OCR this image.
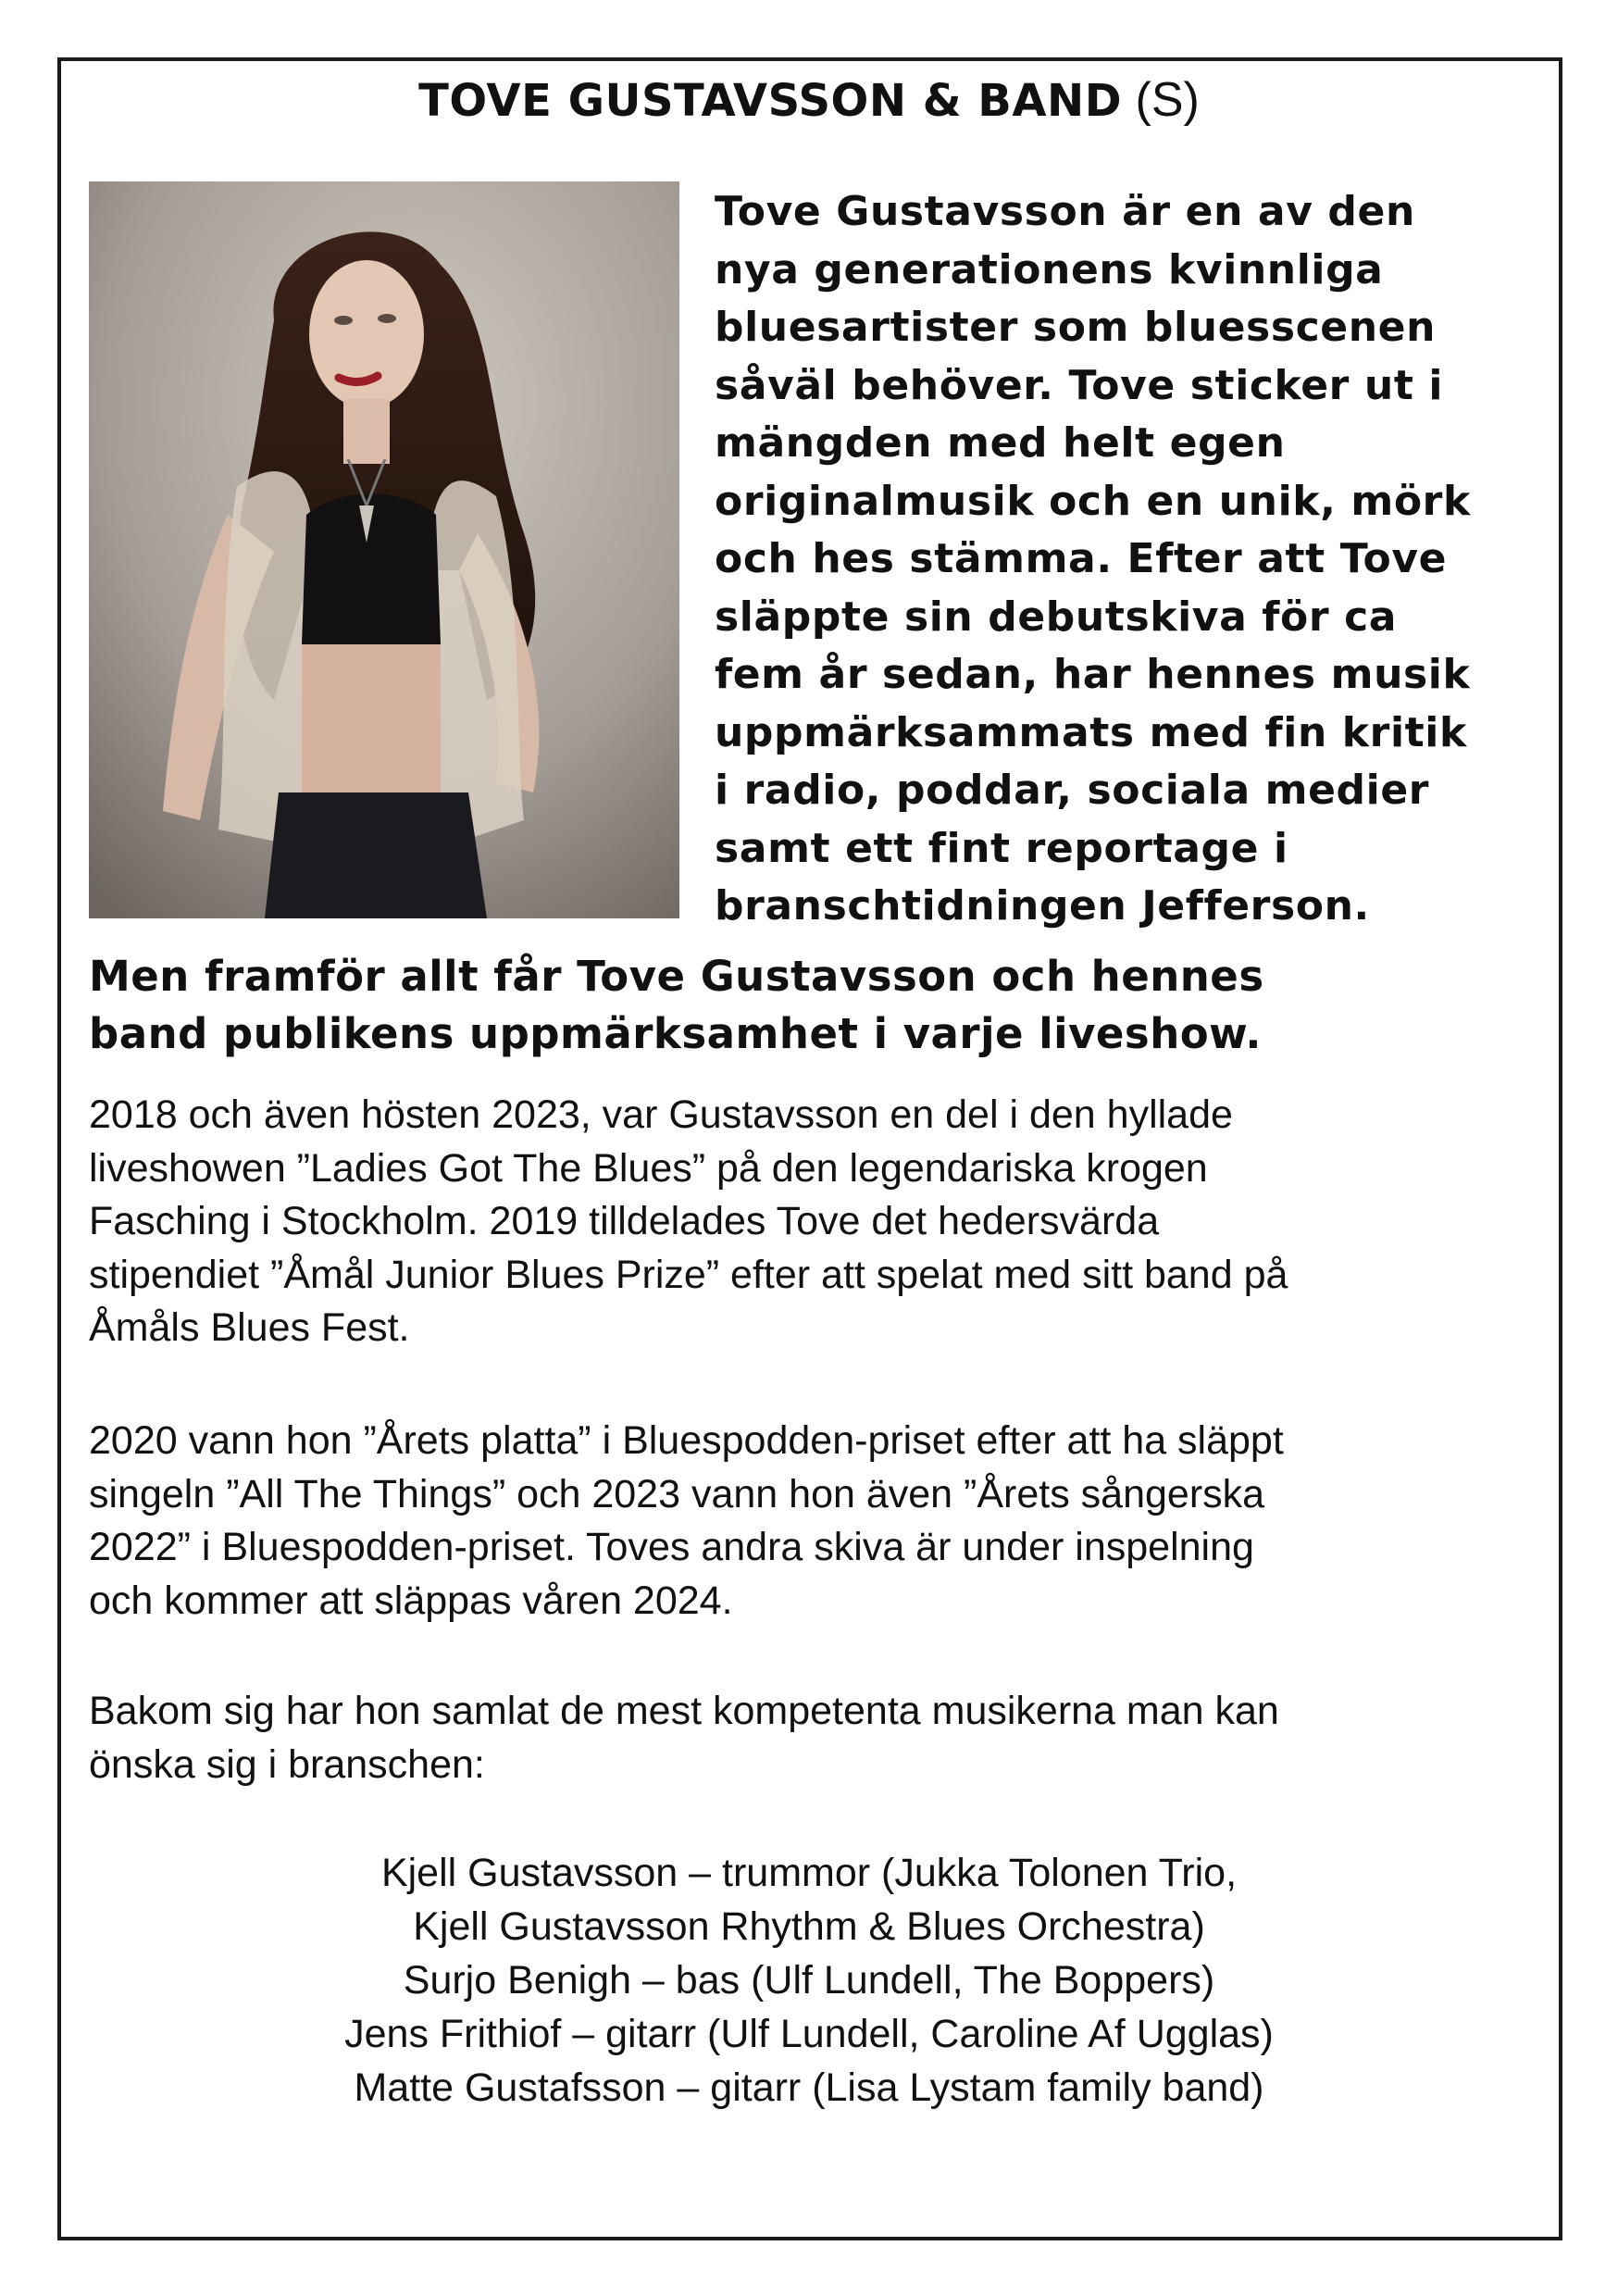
TOVE GUSTAVSSON & BAND (S)
Tove Gustavsson är en av den
nya generationens kvinnliga
bluesartister som bluesscenen
såväl behöver. Tove sticker ut i
mängden med helt egen
originalmusik och en unik, mörk
och hes stämma. Efter att Tove
släppte sin debutskiva för ca
fem år sedan, har hennes musik
uppmärksammats med fin kritik
i radio, poddar, sociala medier
samt ett fint reportage i
branschtidningen Jefferson.
Men framför allt får Tove Gustavsson och hennes
band publikens uppmärksamhet i varje liveshow.
2018 och även hösten 2023, var Gustavsson en del i den hyllade
liveshowen ”Ladies Got The Blues” på den legendariska krogen
Fasching i Stockholm. 2019 tilldelades Tove det hedersvärda
stipendiet ”Åmål Junior Blues Prize” efter att spelat med sitt band på
Åmåls Blues Fest.
2020 vann hon ”Årets platta” i Bluespodden-priset efter att ha släppt
singeln ”All The Things” och 2023 vann hon även ”Årets sångerska
2022” i Bluespodden-priset. Toves andra skiva är under inspelning
och kommer att släppas våren 2024.
Bakom sig har hon samlat de mest kompetenta musikerna man kan
önska sig i branschen:
Kjell Gustavsson – trummor (Jukka Tolonen Trio,
Kjell Gustavsson Rhythm & Blues Orchestra)
Surjo Benigh – bas (Ulf Lundell, The Boppers)
Jens Frithiof – gitarr (Ulf Lundell, Caroline Af Ugglas)
Matte Gustafsson – gitarr (Lisa Lystam family band)
